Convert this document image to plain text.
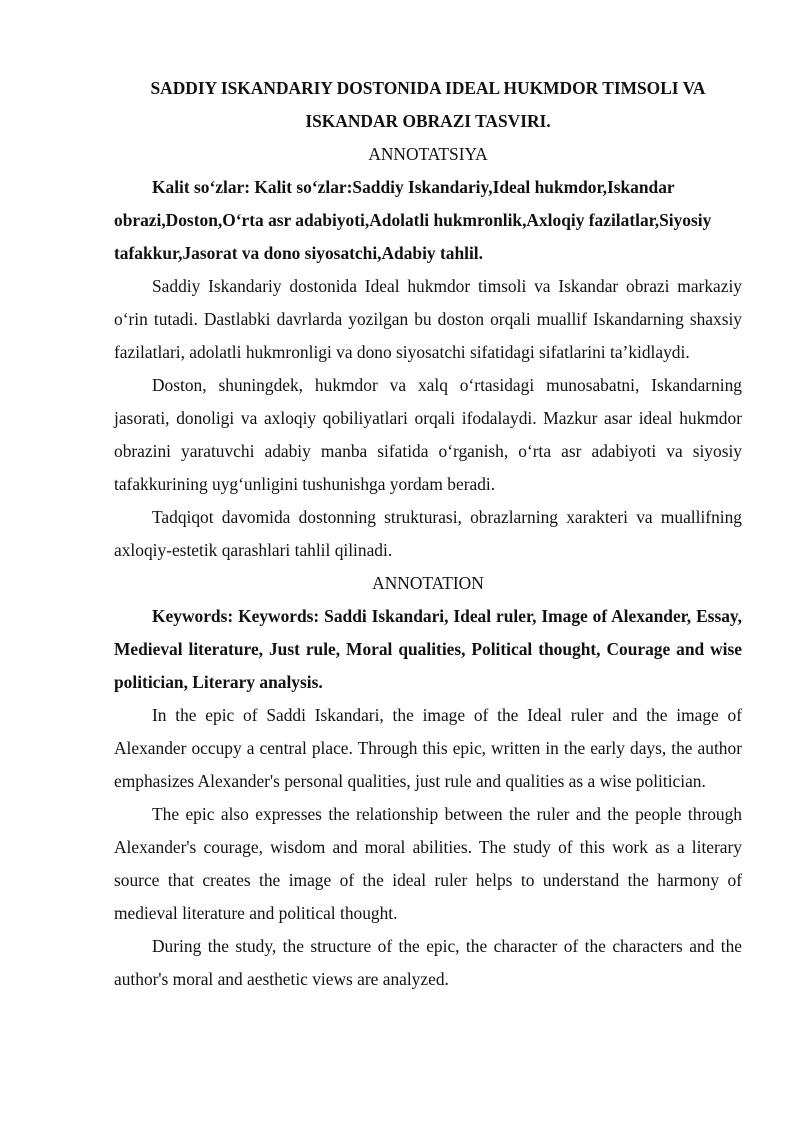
SADDIY ISKANDARIY DOSTONIDA IDEAL HUKMDOR TIMSOLI VA ISKANDAR OBRAZI TASVIRI.

ANNOTATSIYA

Kalit so‘zlar: Kalit so‘zlar:Saddiy Iskandariy,Ideal hukmdor,Iskandar obrazi,Doston,O‘rta asr adabiyoti,Adolatli hukmronlik,Axloqiy fazilatlar,Siyosiy tafakkur,Jasorat va dono siyosatchi,Adabiy tahlil.

Saddiy Iskandariy dostonida Ideal hukmdor timsoli va Iskandar obrazi markaziy o‘rin tutadi. Dastlabki davrlarda yozilgan bu doston orqali muallif Iskandarning shaxsiy fazilatlari, adolatli hukmronligi va dono siyosatchi sifatidagi sifatlarini ta’kidlaydi.

Doston, shuningdek, hukmdor va xalq o‘rtasidagi munosabatni, Iskandarning jasorati, donoligi va axloqiy qobiliyatlari orqali ifodalaydi. Mazkur asar ideal hukmdor obrazini yaratuvchi adabiy manba sifatida o‘rganish, o‘rta asr adabiyoti va siyosiy tafakkurining uyg‘unligini tushunishga yordam beradi.

Tadqiqot davomida dostonning strukturasi, obrazlarning xarakteri va muallifning axloqiy-estetik qarashlari tahlil qilinadi.

ANNOTATION

Keywords: Keywords: Saddi Iskandari, Ideal ruler, Image of Alexander, Essay, Medieval literature, Just rule, Moral qualities, Political thought, Courage and wise politician, Literary analysis.

In the epic of Saddi Iskandari, the image of the Ideal ruler and the image of Alexander occupy a central place. Through this epic, written in the early days, the author emphasizes Alexander's personal qualities, just rule and qualities as a wise politician.

The epic also expresses the relationship between the ruler and the people through Alexander's courage, wisdom and moral abilities. The study of this work as a literary source that creates the image of the ideal ruler helps to understand the harmony of medieval literature and political thought.

During the study, the structure of the epic, the character of the characters and the author's moral and aesthetic views are analyzed.
